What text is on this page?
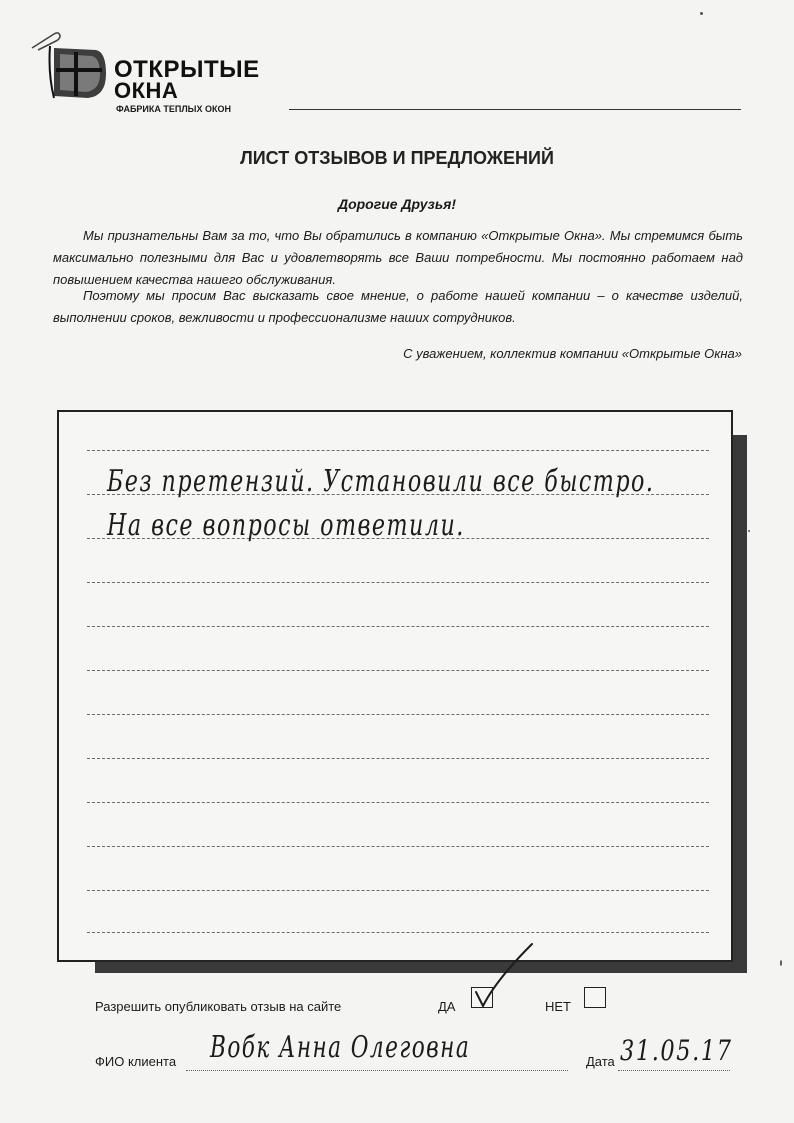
ОТКРЫТЫЕ
ОКНА
ФАБРИКА ТЕПЛЫХ ОКОН
ЛИСТ ОТЗЫВОВ И ПРЕДЛОЖЕНИЙ
Дорогие Друзья!

Мы признательны Вам за то, что Вы обратились в компанию «Открытые Окна». Мы стремимся быть максимально полезными для Вас и удовлетворять все Ваши потребности. Мы постоянно работаем над повышением качества нашего обслуживания.

Поэтому мы просим Вас высказать свое мнение, о работе нашей компании – о качестве изделий, выполнении сроков, вежливости и профессионализме наших сотрудников.

С уважением, коллектив компании «Открытые Окна»
Без претензий. Установили все быстро.
На все вопросы ответили.
Разрешить опубликовать отзыв на сайте	ДА	НЕТ
ФИО клиента Вобк Анна Олеговна	Дата 31.05.17
